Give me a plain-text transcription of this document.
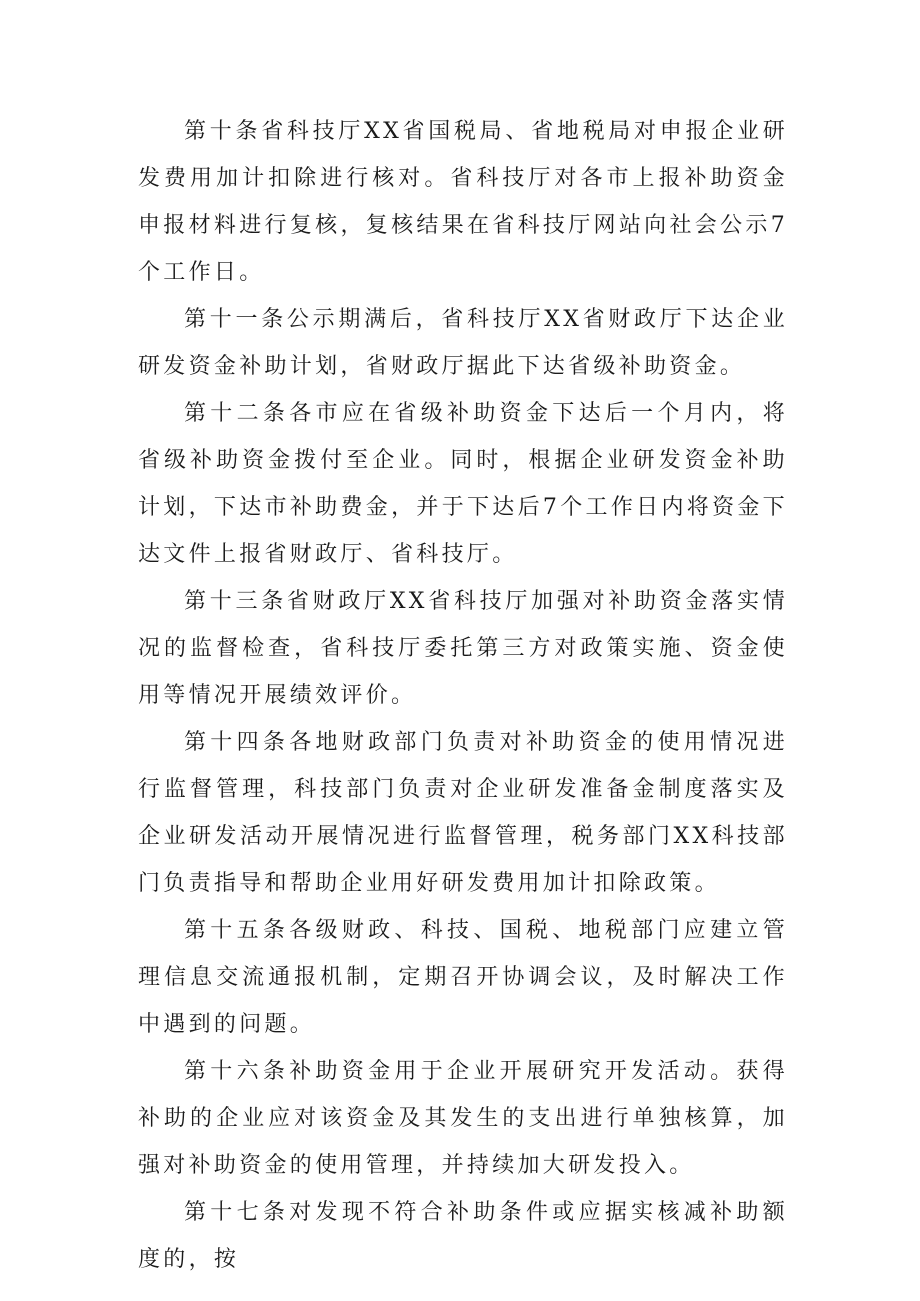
第十条省科技厅XX省国税局、省地税局对申报企业研发费用加计扣除进行核对。省科技厅对各市上报补助资金申报材料进行复核，复核结果在省科技厅网站向社会公示7个工作日。

第十一条公示期满后，省科技厅XX省财政厅下达企业研发资金补助计划，省财政厅据此下达省级补助资金。

第十二条各市应在省级补助资金下达后一个月内，将省级补助资金拨付至企业。同时，根据企业研发资金补助计划，下达市补助费金，并于下达后7个工作日内将资金下达文件上报省财政厅、省科技厅。

第十三条省财政厅XX省科技厅加强对补助资金落实情况的监督检查，省科技厅委托第三方对政策实施、资金使用等情况开展绩效评价。

第十四条各地财政部门负责对补助资金的使用情况进行监督管理，科技部门负责对企业研发准备金制度落实及企业研发活动开展情况进行监督管理，税务部门XX科技部门负责指导和帮助企业用好研发费用加计扣除政策。

第十五条各级财政、科技、国税、地税部门应建立管理信息交流通报机制，定期召开协调会议，及时解决工作中遇到的问题。

第十六条补助资金用于企业开展研究开发活动。获得补助的企业应对该资金及其发生的支出进行单独核算，加强对补助资金的使用管理，并持续加大研发投入。

第十七条对发现不符合补助条件或应据实核减补助额度的，按
